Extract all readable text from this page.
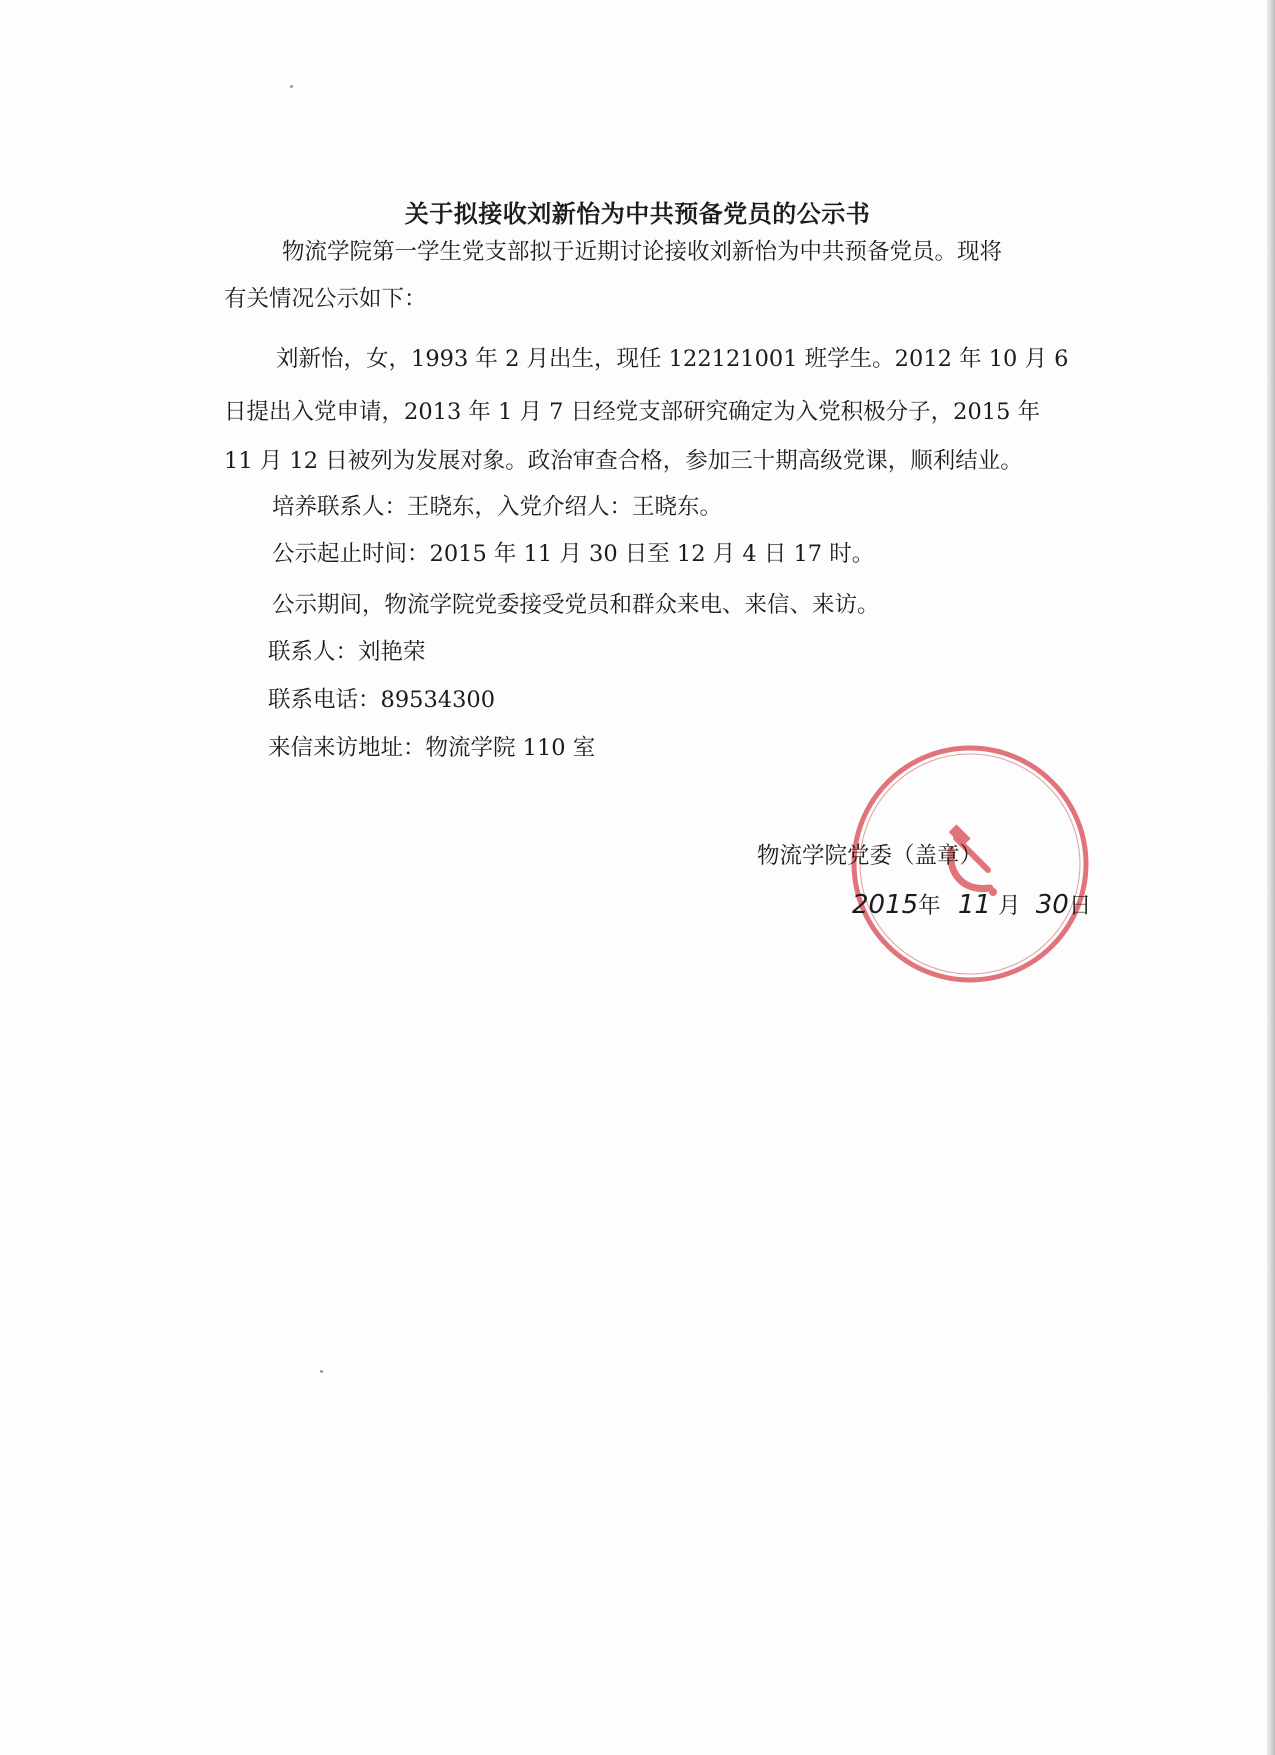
关于拟接收刘新怡为中共预备党员的公示书
物流学院第一学生党支部拟于近期讨论接收刘新怡为中共预备党员。现将
有关情况公示如下：
刘新怡，女，1993 年 2 月出生，现任 122121001 班学生。2012 年 10 月 6
日提出入党申请，2013 年 1 月 7 日经党支部研究确定为入党积极分子，2015 年
11 月 12 日被列为发展对象。政治审查合格，参加三十期高级党课，顺利结业。
培养联系人：王晓东，入党介绍人：王晓东。
公示起止时间：2015 年 11 月 30 日至 12 月 4 日 17 时。
公示期间，物流学院党委接受党员和群众来电、来信、来访。
联系人：刘艳荣
联系电话：89534300
来信来访地址：物流学院 110 室
物流学院党委（盖章）
2015年 11 月 30日
